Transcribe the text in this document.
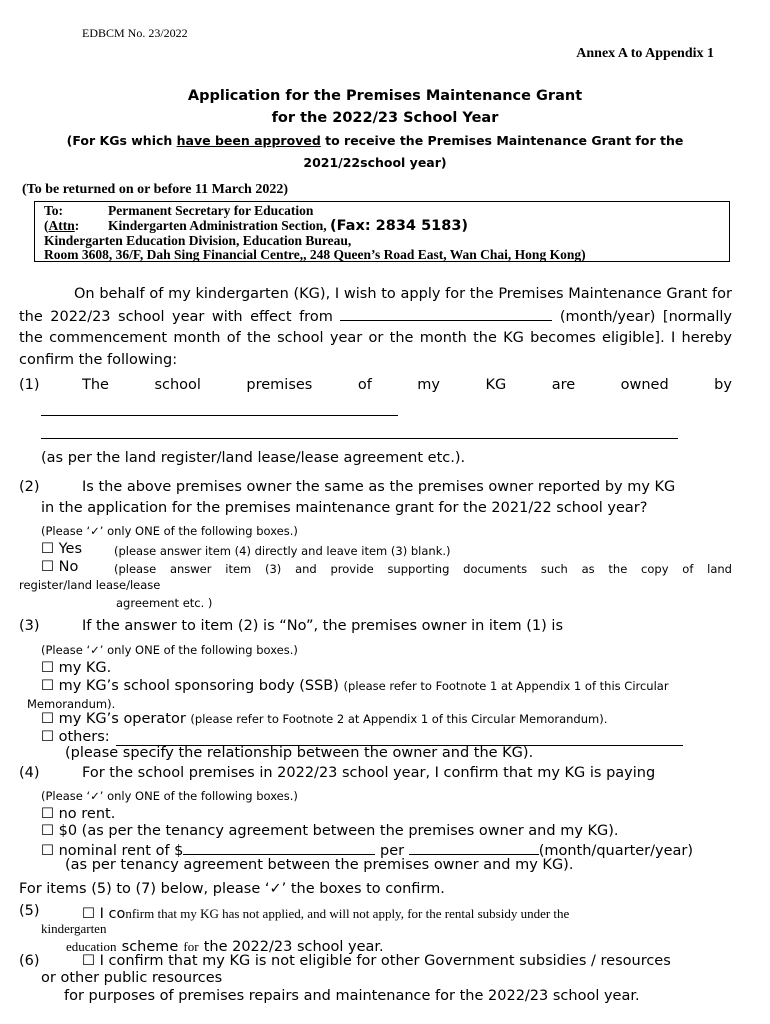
EDBCM No. 23/2022
Annex A to Appendix 1
Application for the Premises Maintenance Grant
for the 2022/23 School Year
(For KGs which have been approved to receive the Premises Maintenance Grant for the
2021/22school year)
(To be returned on or before 11 March 2022)
To:	Permanent Secretary for Education
(Attn: Kindergarten Administration Section, (Fax: 2834 5183)
Kindergarten Education Division, Education Bureau,
Room 3608, 36/F, Dah Sing Financial Centre,, 248 Queen’s Road East, Wan Chai, Hong Kong)
On behalf of my kindergarten (KG), I wish to apply for the Premises Maintenance Grant for the 2022/23 school year with effect from	(month/year) [normally the commencement month of the school year or the month the KG becomes eligible]. I hereby confirm the following:
(1)	The	school	premises	of	my	KG	are	owned	by
(as per the land register/land lease/lease agreement etc.).
(2)	Is the above premises owner the same as the premises owner reported by my KG
in the application for the premises maintenance grant for the 2021/22 school year?
(Please ‘✓’ only ONE of the following boxes.)
☐ Yes	(please answer item (4) directly and leave item (3) blank.)
☐ No	(please answer item (3) and provide supporting documents such as the copy of land
register/land lease/lease
agreement etc. )
(3)	If the answer to item (2) is “No”, the premises owner in item (1) is
(Please ‘✓’ only ONE of the following boxes.)
☐ my KG.
☐ my KG’s school sponsoring body (SSB) (please refer to Footnote 1 at Appendix 1 of this Circular
Memorandum).
☐ my KG’s operator (please refer to Footnote 2 at Appendix 1 of this Circular Memorandum).
☐ others:
(please specify the relationship between the owner and the KG).
(4)	For the school premises in 2022/23 school year, I confirm that my KG is paying
(Please ‘✓’ only ONE of the following boxes.)
☐ no rent.
☐ $0 (as per the tenancy agreement between the premises owner and my KG).
☐ nominal rent of $	per	(month/quarter/year)
(as per tenancy agreement between the premises owner and my KG).
For items (5) to (7) below, please ‘✓’ the boxes to confirm.
(5)	☐ I confirm that my KG has not applied, and will not apply, for the rental subsidy under the
kindergarten
education scheme for the 2022/23 school year.
(6)	☐ I confirm that my KG is not eligible for other Government subsidies / resources
or other public resources
for purposes of premises repairs and maintenance for the 2022/23 school year.
